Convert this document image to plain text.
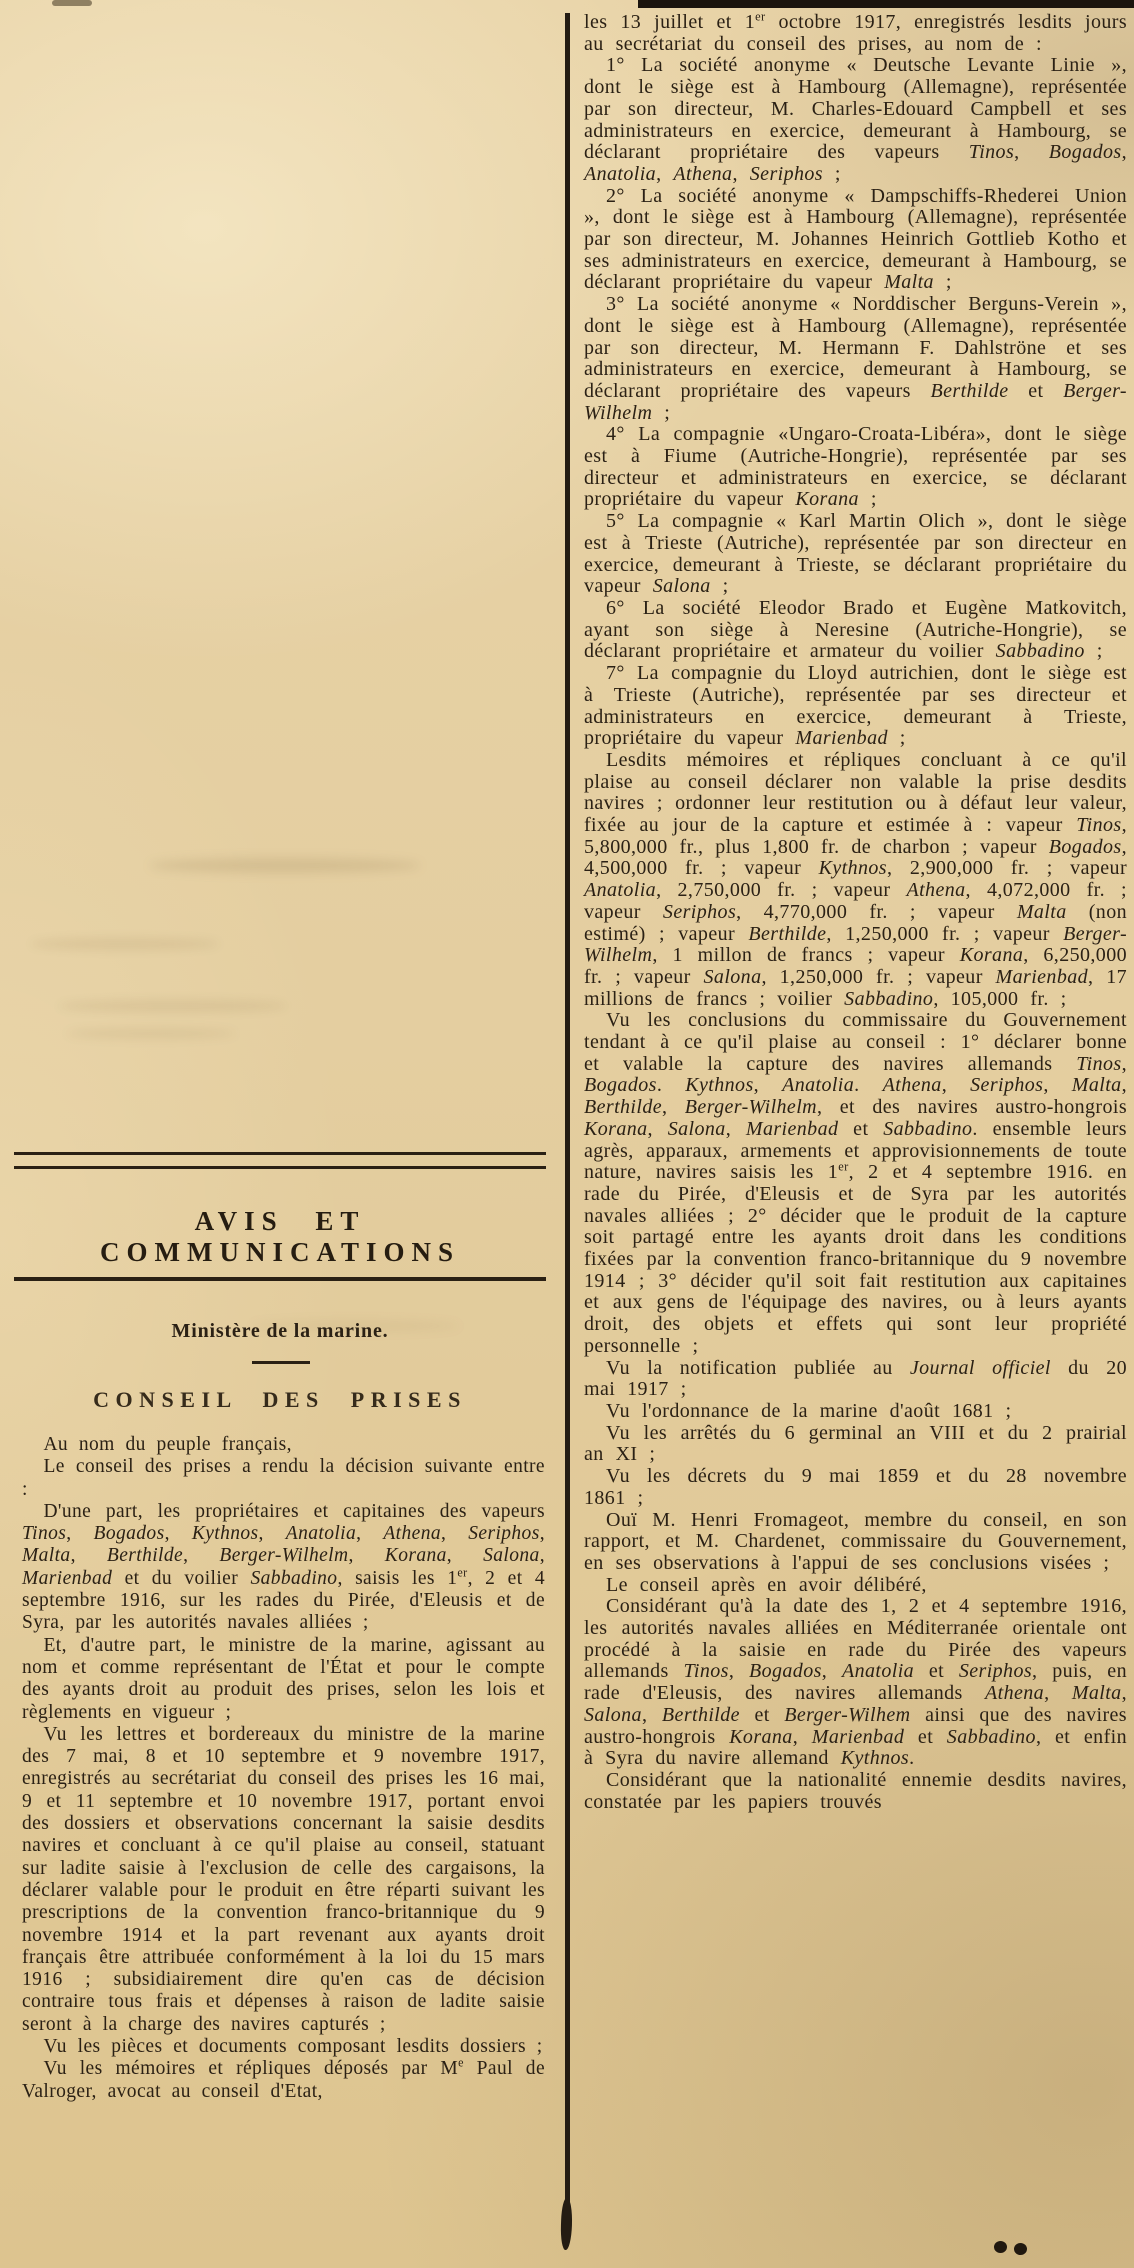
AVIS ET COMMUNICATIONS
Ministère de la marine.
CONSEIL DES PRISES

Au nom du peuple français,

Le conseil des prises a rendu la décision suivante entre :

D'une part, les propriétaires et capitaines des vapeurs Tinos, Bogados, Kythnos, Anatolia, Athena, Seriphos, Malta, Berthilde, Berger-Wilhelm, Korana, Salona, Marienbad et du voilier Sabbadino, saisis les 1er, 2 et 4 septembre 1916, sur les rades du Pirée, d'Eleusis et de Syra, par les autorités navales alliées ;

Et, d'autre part, le ministre de la marine, agissant au nom et comme représentant de l'État et pour le compte des ayants droit au produit des prises, selon les lois et règlements en vigueur ;

Vu les lettres et bordereaux du ministre de la marine des 7 mai, 8 et 10 septembre et 9 novembre 1917, enregistrés au secrétariat du conseil des prises les 16 mai, 9 et 11 septembre et 10 novembre 1917, portant envoi des dossiers et observations concernant la saisie desdits navires et concluant à ce qu'il plaise au conseil, statuant sur ladite saisie à l'exclusion de celle des cargaisons, la déclarer valable pour le produit en être réparti suivant les prescriptions de la convention franco-britannique du 9 novembre 1914 et la part revenant aux ayants droit français être attribuée conformément à la loi du 15 mars 1916 ; subsidiairement dire qu'en cas de décision contraire tous frais et dépenses à raison de ladite saisie seront à la charge des navires capturés ;

Vu les pièces et documents composant lesdits dossiers ;

Vu les mémoires et répliques déposés par Me Paul de Valroger, avocat au conseil d'Etat,

les 13 juillet et 1er octobre 1917, enregistrés lesdits jours au secrétariat du conseil des prises, au nom de :

1° La société anonyme « Deutsche Levante Linie », dont le siège est à Hambourg (Allemagne), représentée par son directeur, M. Charles-Edouard Campbell et ses administrateurs en exercice, demeurant à Hambourg, se déclarant propriétaire des vapeurs Tinos, Bogados, Anatolia, Athena, Seriphos ;

2° La société anonyme « Dampschiffs-Rhederei Union », dont le siège est à Hambourg (Allemagne), représentée par son directeur, M. Johannes Heinrich Gottlieb Kotho et ses administrateurs en exercice, demeurant à Hambourg, se déclarant propriétaire du vapeur Malta ;

3° La société anonyme « Norddischer Berguns-Verein », dont le siège est à Hambourg (Allemagne), représentée par son directeur, M. Hermann F. Dahlströne et ses administrateurs en exercice, demeurant à Hambourg, se déclarant propriétaire des vapeurs Berthilde et Berger-Wilhelm ;

4° La compagnie «Ungaro-Croata-Libéra», dont le siège est à Fiume (Autriche-Hongrie), représentée par ses directeur et administrateurs en exercice, se déclarant propriétaire du vapeur Korana ;

5° La compagnie « Karl Martin Olich », dont le siège est à Trieste (Autriche), représentée par son directeur en exercice, demeurant à Trieste, se déclarant propriétaire du vapeur Salona ;

6° La société Eleodor Brado et Eugène Matkovitch, ayant son siège à Neresine (Autriche-Hongrie), se déclarant propriétaire et armateur du voilier Sabbadino ;

7° La compagnie du Lloyd autrichien, dont le siège est à Trieste (Autriche), représentée par ses directeur et administrateurs en exercice, demeurant à Trieste, propriétaire du vapeur Marienbad ;

Lesdits mémoires et répliques concluant à ce qu'il plaise au conseil déclarer non valable la prise desdits navires ; ordonner leur restitution ou à défaut leur valeur, fixée au jour de la capture et estimée à : vapeur Tinos, 5,800,000 fr., plus 1,800 fr. de charbon ; vapeur Bogados, 4,500,000 fr. ; vapeur Kythnos, 2,900,000 fr. ; vapeur Anatolia, 2,750,000 fr. ; vapeur Athena, 4,072,000 fr. ; vapeur Seriphos, 4,770,000 fr. ; vapeur Malta (non estimé) ; vapeur Berthilde, 1,250,000 fr. ; vapeur Berger-Wilhelm, 1 millon de francs ; vapeur Korana, 6,250,000 fr. ; vapeur Salona, 1,250,000 fr. ; vapeur Marienbad, 17 millions de francs ; voilier Sabbadino, 105,000 fr. ;

Vu les conclusions du commissaire du Gouvernement tendant à ce qu'il plaise au conseil : 1° déclarer bonne et valable la capture des navires allemands Tinos, Bogados. Kythnos, Anatolia. Athena, Seriphos, Malta, Berthilde, Berger-Wilhelm, et des navires austro-hongrois Korana, Salona, Marienbad et Sabbadino. ensemble leurs agrès, apparaux, armements et approvisionnements de toute nature, navires saisis les 1er, 2 et 4 septembre 1916. en rade du Pirée, d'Eleusis et de Syra par les autorités navales alliées ; 2° décider que le produit de la capture soit partagé entre les ayants droit dans les conditions fixées par la convention franco-britannique du 9 novembre 1914 ; 3° décider qu'il soit fait restitution aux capitaines et aux gens de l'équipage des navires, ou à leurs ayants droit, des objets et effets qui sont leur propriété personnelle ;

Vu la notification publiée au Journal officiel du 20 mai 1917 ;

Vu l'ordonnance de la marine d'août 1681 ;

Vu les arrêtés du 6 germinal an VIII et du 2 prairial an XI ;

Vu les décrets du 9 mai 1859 et du 28 novembre 1861 ;

Ouï M. Henri Fromageot, membre du conseil, en son rapport, et M. Chardenet, commissaire du Gouvernement, en ses observations à l'appui de ses conclusions visées ;

Le conseil après en avoir délibéré,

Considérant qu'à la date des 1, 2 et 4 septembre 1916, les autorités navales alliées en Méditerranée orientale ont procédé à la saisie en rade du Pirée des vapeurs allemands Tinos, Bogados, Anatolia et Seriphos, puis, en rade d'Eleusis, des navires allemands Athena, Malta, Salona, Berthilde et Berger-Wilhem ainsi que des navires austro-hongrois Korana, Marienbad et Sabbadino, et enfin à Syra du navire allemand Kythnos.

Considérant que la nationalité ennemie desdits navires, constatée par les papiers trouvés
